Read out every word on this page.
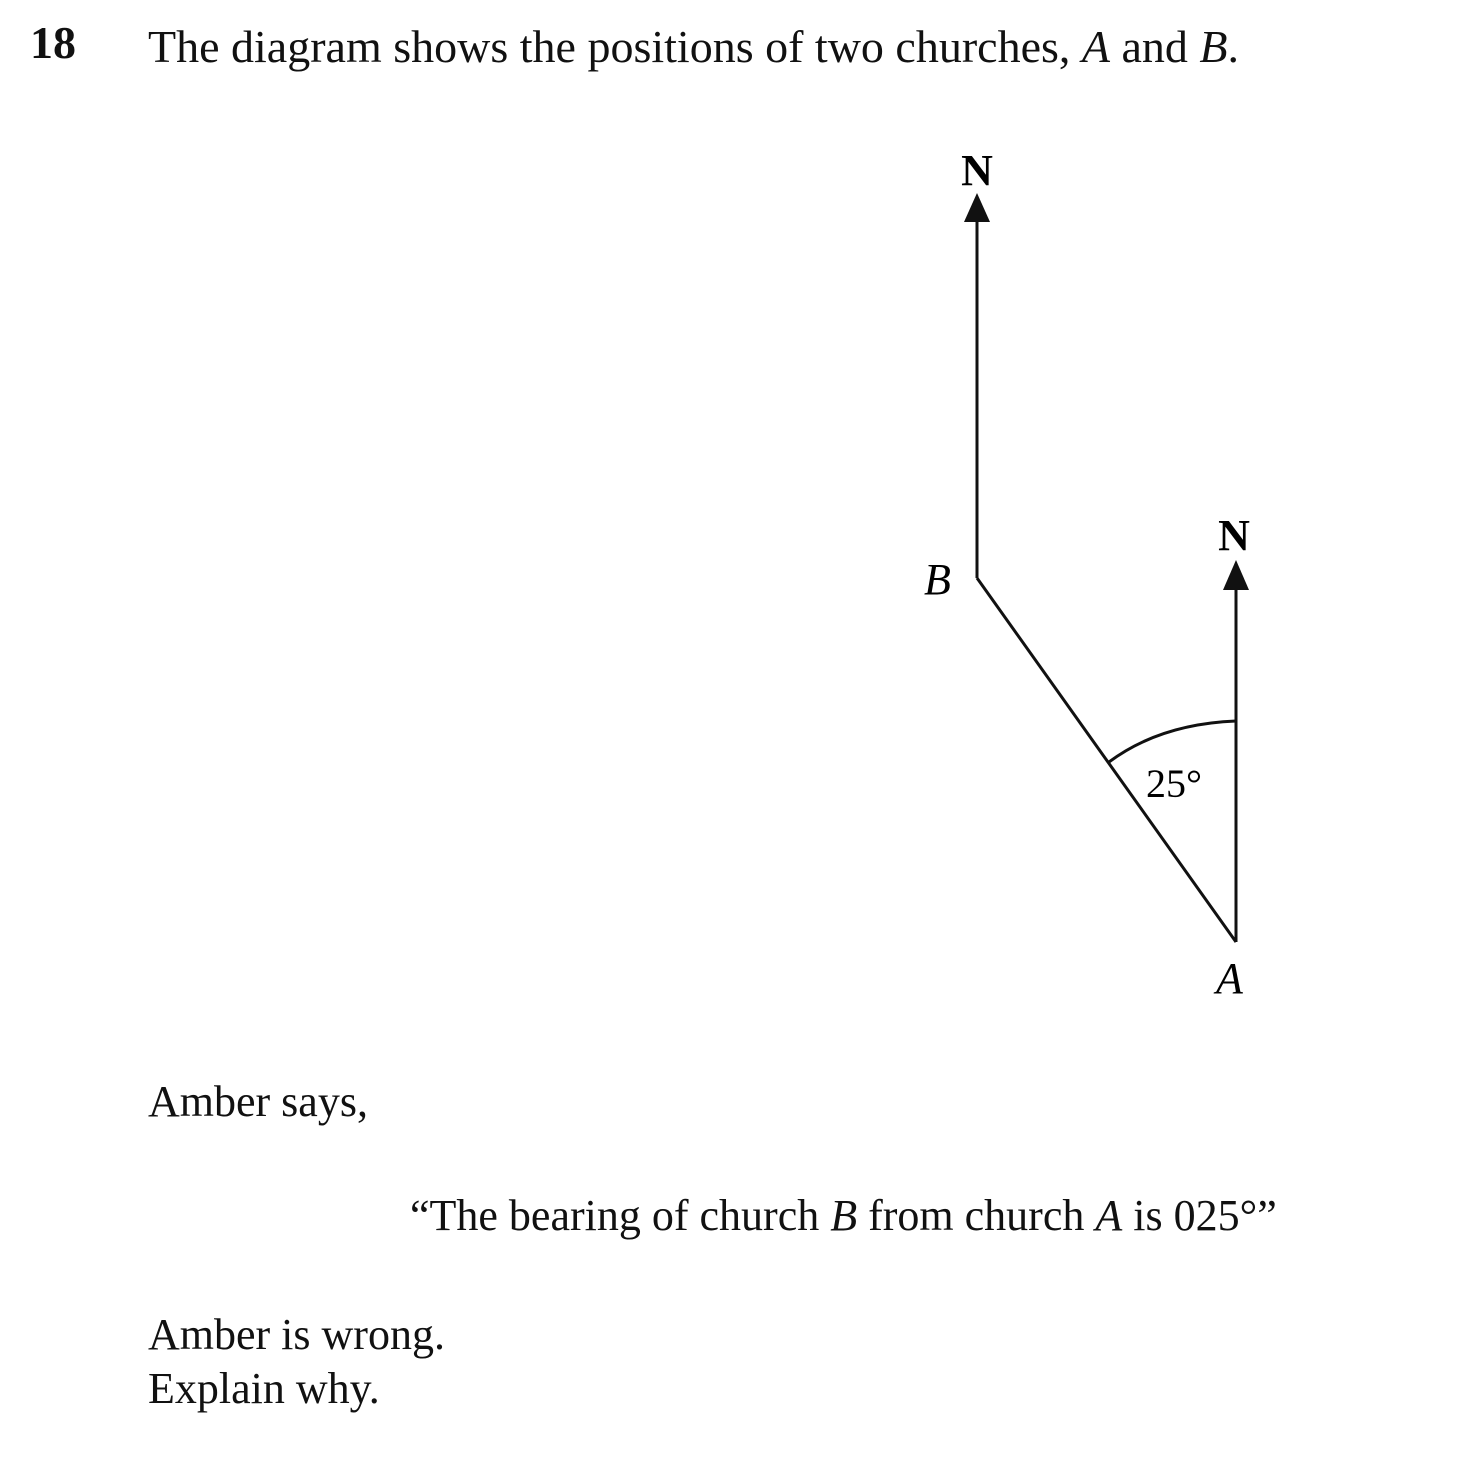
18 The diagram shows the positions of two churches, A and B.
N
N
25°
B
A
Amber says,
“The bearing of church B from church A is 025°”
Amber is wrong.
Explain why.
